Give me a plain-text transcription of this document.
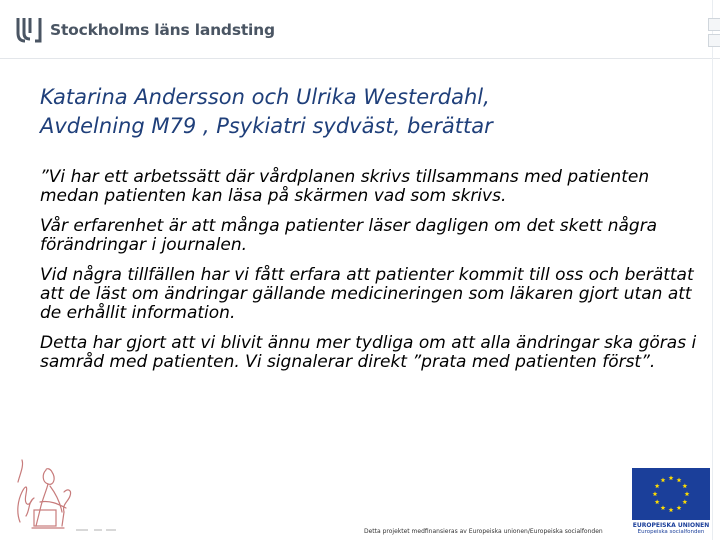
Stockholms läns landsting
Katarina Andersson och Ulrika Westerdahl,
Avdelning M79 , Psykiatri sydväst, berättar

”Vi har ett arbetssätt där vårdplanen skrivs tillsammans med patienten medan patienten kan läsa på skärmen vad som skrivs.

Vår erfarenhet är att många patienter läser dagligen om det skett några förändringar i journalen.

Vid några tillfällen har vi fått erfara att patienter kommit till oss och berättat att de läst om ändringar gällande medicineringen som läkaren gjort utan att de erhållit information.

Detta har gjort att vi blivit ännu mer tydliga om att alla ändringar ska göras i samråd med patienten. Vi signalerar direkt ”prata med patienten först”.

Detta projektet medfinansieras av Europeiska unionen/Europeiska socialfonden
EUROPEISKA UNIONEN
Europeiska socialfonden
